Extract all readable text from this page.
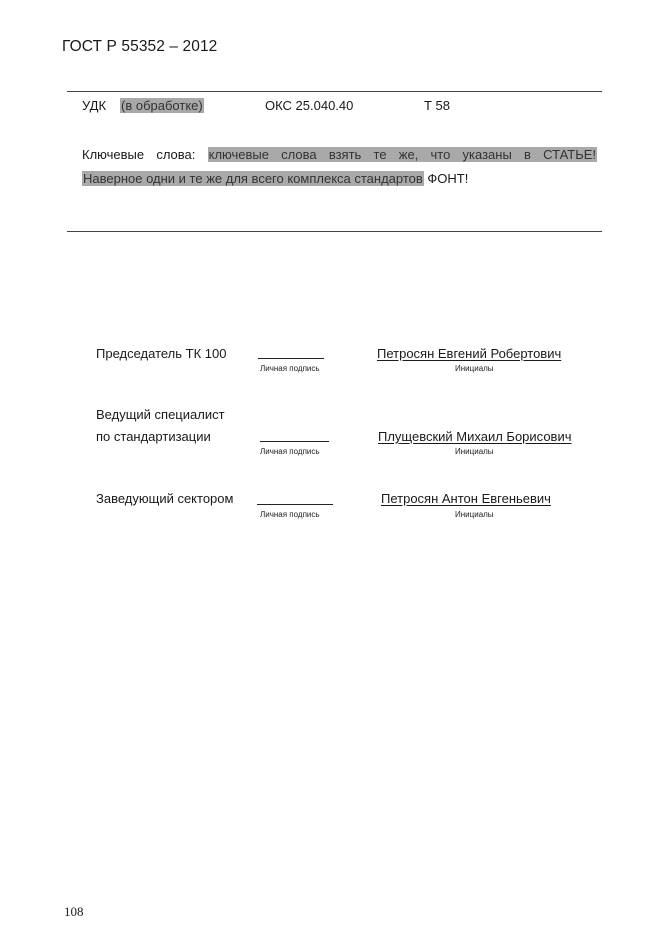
ГОСТ Р 55352 – 2012
УДК (в обработке)	ОКС 25.040.40	Т 58
Ключевые слова: ключевые слова взять те же, что указаны в СТАТЬЕ!
Наверное одни и те же для всего комплекса стандартов ФОНТ!
Председатель ТК 100
Личная подпись
Петросян Евгений Робертович
Инициалы
Ведущий специалист
по стандартизации
Личная подпись
Плущевский Михаил Борисович
Инициалы
Заведующий сектором
Личная подпись
Петросян Антон Евгеньевич
Инициалы
108
